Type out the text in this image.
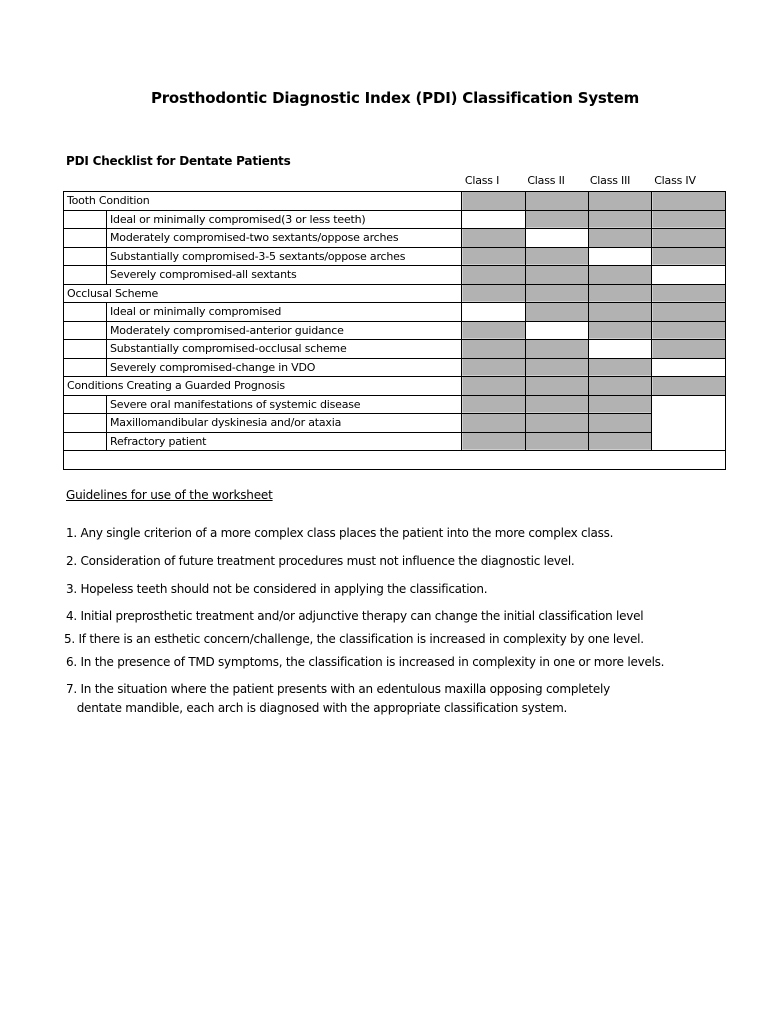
Prosthodontic Diagnostic Index (PDI) Classification System
PDI Checklist for Dentate Patients
Class I	Class II	Class III	Class IV
Tooth Condition					
	Ideal or minimally compromised(3 or less teeth)				
	Moderately compromised-two sextants/oppose arches				
	Substantially compromised-3-5 sextants/oppose arches				
	Severely compromised-all sextants				
Occlusal Scheme					
	Ideal or minimally compromised				
	Moderately compromised-anterior guidance				
	Substantially compromised-occlusal scheme				
	Severely compromised-change in VDO				
Conditions Creating a Guarded Prognosis					
	Severe oral manifestations of systemic disease				
	Maxillomandibular dyskinesia and/or ataxia				
	Refractory patient				

Guidelines for use of the worksheet
1. Any single criterion of a more complex class places the patient into the more complex class.
2. Consideration of future treatment procedures must not influence the diagnostic level.
3. Hopeless teeth should not be considered in applying the classification.
4. Initial preprosthetic treatment and/or adjunctive therapy can change the initial classification level
5. If there is an esthetic concern/challenge, the classification is increased in complexity by one level.
6. In the presence of TMD symptoms, the classification is increased in complexity in one or more levels.
7. In the situation where the patient presents with an edentulous maxilla opposing completely
dentate mandible, each arch is diagnosed with the appropriate classification system.
